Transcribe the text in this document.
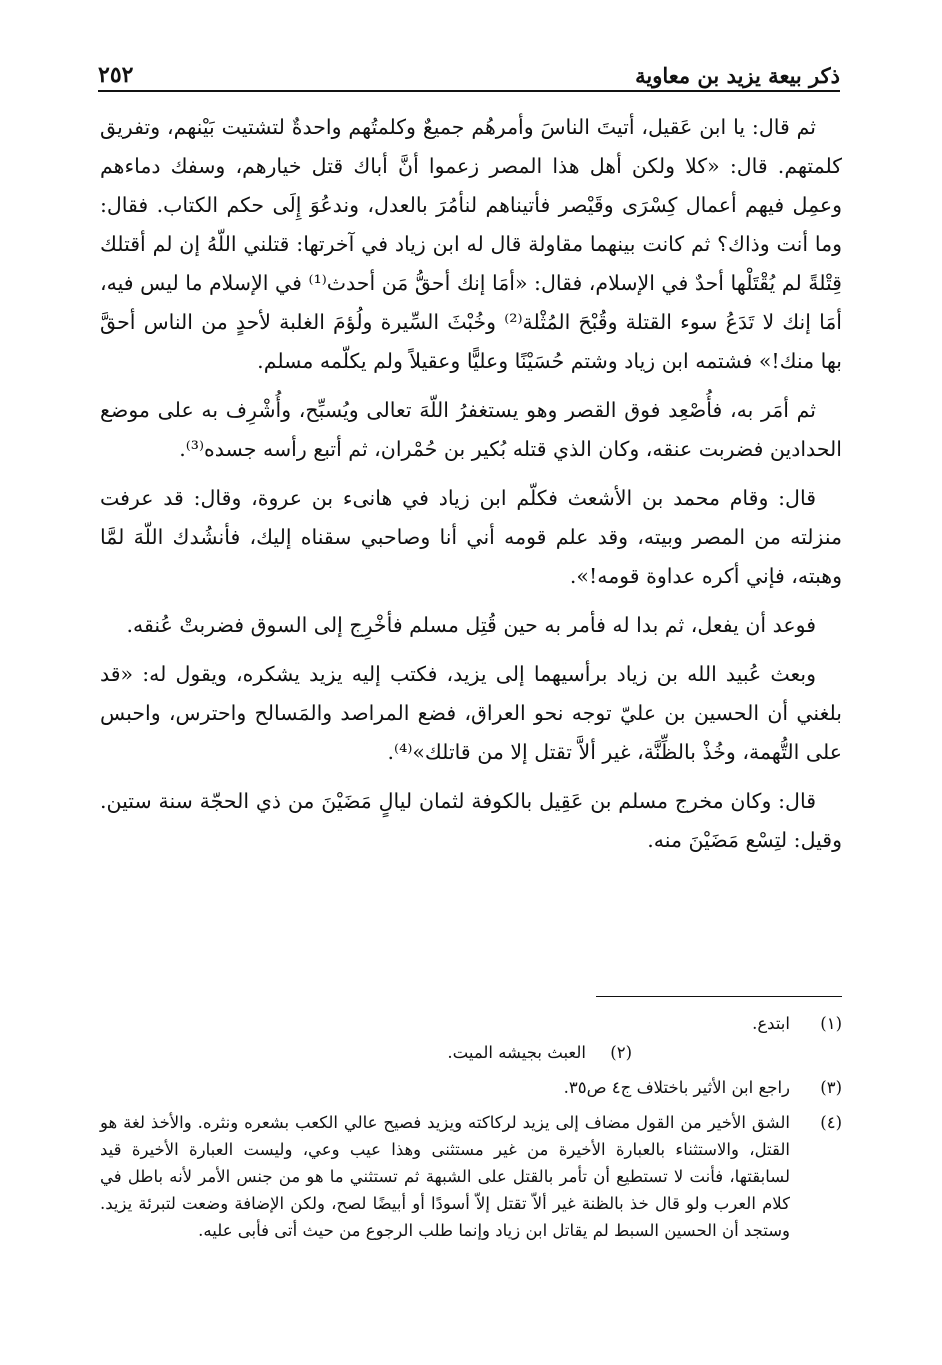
ذكر بيعة يزيد بن معاوية
٢٥٢

ثم قال: يا ابن عَقيل، أتيتَ الناسَ وأمرهُم جميعٌ وكلمتُهم واحدةٌ لتشتيت بَيْنهم، وتفريق كلمتهم. قال: «كلا ولكن أهل هذا المصر زعموا أنَّ أباك قتل خيارهم، وسفك دماءهم وعمِل فيهم أعمال كِسْرَى وقَيْصر فأتيناهم لنأمُرَ بالعدل، وندعُوَ إِلَى حكم الكتاب. فقال: وما أنت وذاك؟ ثم كانت بينهما مقاولة قال له ابن زياد في آخرتها: قتلني اللّهُ إن لم أقتلك قِتْلةً لم يُقْتَلْها أحدٌ في الإسلام، فقال: «أمَا إنك أحقُّ مَن أحدث⁽¹⁾ في الإسلام ما ليس فيه، أمَا إنك لا تَدَعُ سوء القتلة وقُبْحَ المُثْلة⁽²⁾ وخُبْثَ السِّيرة ولُؤمَ الغلبة لأحدٍ من الناس أحقَّ بها منك!» فشتمه ابن زياد وشتم حُسَيْنًا وعليًّا وعقيلاً ولم يكلّمه مسلم.

ثم أمَر به، فأُصْعِد فوق القصر وهو يستغفرُ اللّهَ تعالى ويُسبِّح، وأُشْرِف به على موضع الحدادين فضربت عنقه، وكان الذي قتله بُكير بن حُمْران، ثم أتبع رأسه جسده⁽³⁾.

قال: وقام محمد بن الأشعث فكلّم ابن زياد في هانىء بن عروة، وقال: قد عرفت منزلته من المصر وبيته، وقد علم قومه أني أنا وصاحبي سقناه إليك، فأنشُدك اللّهَ لمَّا وهبته، فإني أكره عداوة قومه!».

فوعد أن يفعل، ثم بدا له فأمر به حين قُتِل مسلم فأخْرِج إلى السوق فضربتْ عُنقه.

وبعث عُبيد الله بن زياد برأسيهما إلى يزيد، فكتب إليه يزيد يشكره، ويقول له: «قد بلغني أن الحسين بن عليّ توجه نحو العراق، فضع المراصد والمَسالح واحترس، واحبس على التُّهمة، وخُذْ بالظِّنَّة، غير ألاَّ تقتل إلا من قاتلك»⁽⁴⁾.

قال: وكان مخرج مسلم بن عَقِيل بالكوفة لثمان ليالٍ مَضَيْنَ من ذي الحجّة سنة ستين. وقيل: لتِسْع مَضَيْنَ منه.

(١)
ابتدع.
(٢)
العبث بجيشه الميت.
(٣)
راجع ابن الأثير باختلاف ج٤ ص٣٥.
(٤)
الشق الأخير من القول مضاف إلى يزيد لركاكته ويزيد فصيح عالي الكعب بشعره ونثره. والأخذ لغة هو القتل، والاستثناء بالعبارة الأخيرة من غير مستثنى وهذا عيب وعي، وليست العبارة الأخيرة قيد لسابقتها، فأنت لا تستطيع أن تأمر بالقتل على الشبهة ثم تستثني ما هو من جنس الأمر لأنه باطل في كلام العرب ولو قال خذ بالظنة غير ألاّ تقتل إلاّ أسودًا أو أبيضًا لصح، ولكن الإضافة وضعت لتبرئة يزيد. وستجد أن الحسين السبط لم يقاتل ابن زياد وإنما طلب الرجوع من حيث أتى فأبى عليه.
